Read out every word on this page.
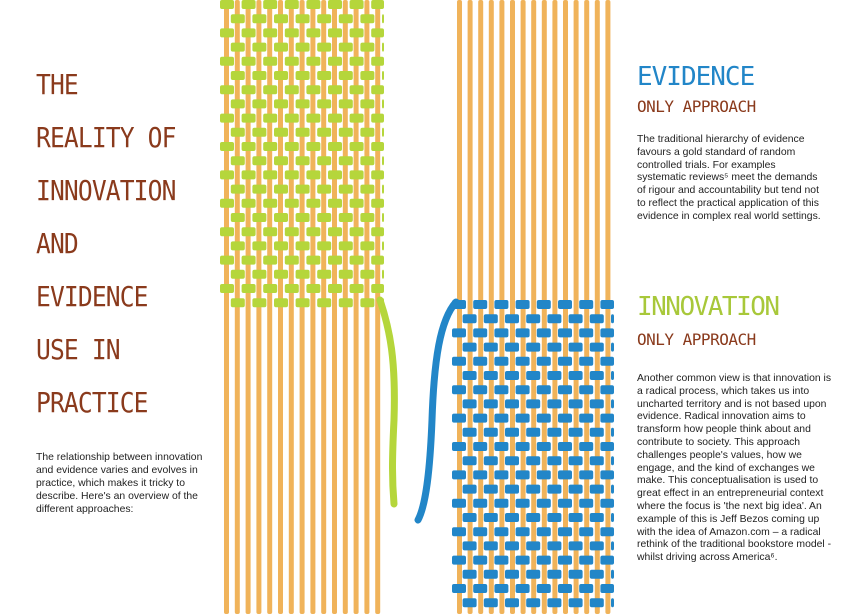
THE
REALITY OF
INNOVATION
AND
EVIDENCE
USE IN
PRACTICE

The relationship between innovation and evidence varies and evolves in practice, which makes it tricky to describe. Here's an overview of the different approaches:

EVIDENCE
ONLY APPROACH

The traditional hierarchy of evidence favours a gold standard of random controlled trials. For examples systematic reviews⁵ meet the demands of rigour and accountability but tend not to reflect the practical application of this evidence in complex real world settings.

INNOVATION
ONLY APPROACH

Another common view is that innovation is a radical process, which takes us into uncharted territory and is not based upon evidence. Radical innovation aims to transform how people think about and contribute to society. This approach challenges people's values, how we engage, and the kind of exchanges we make. This conceptualisation is used to great effect in an entrepreneurial context where the focus is 'the next big idea'. An example of this is Jeff Bezos coming up with the idea of Amazon.com – a radical rethink of the traditional bookstore model - whilst driving across America⁶.
